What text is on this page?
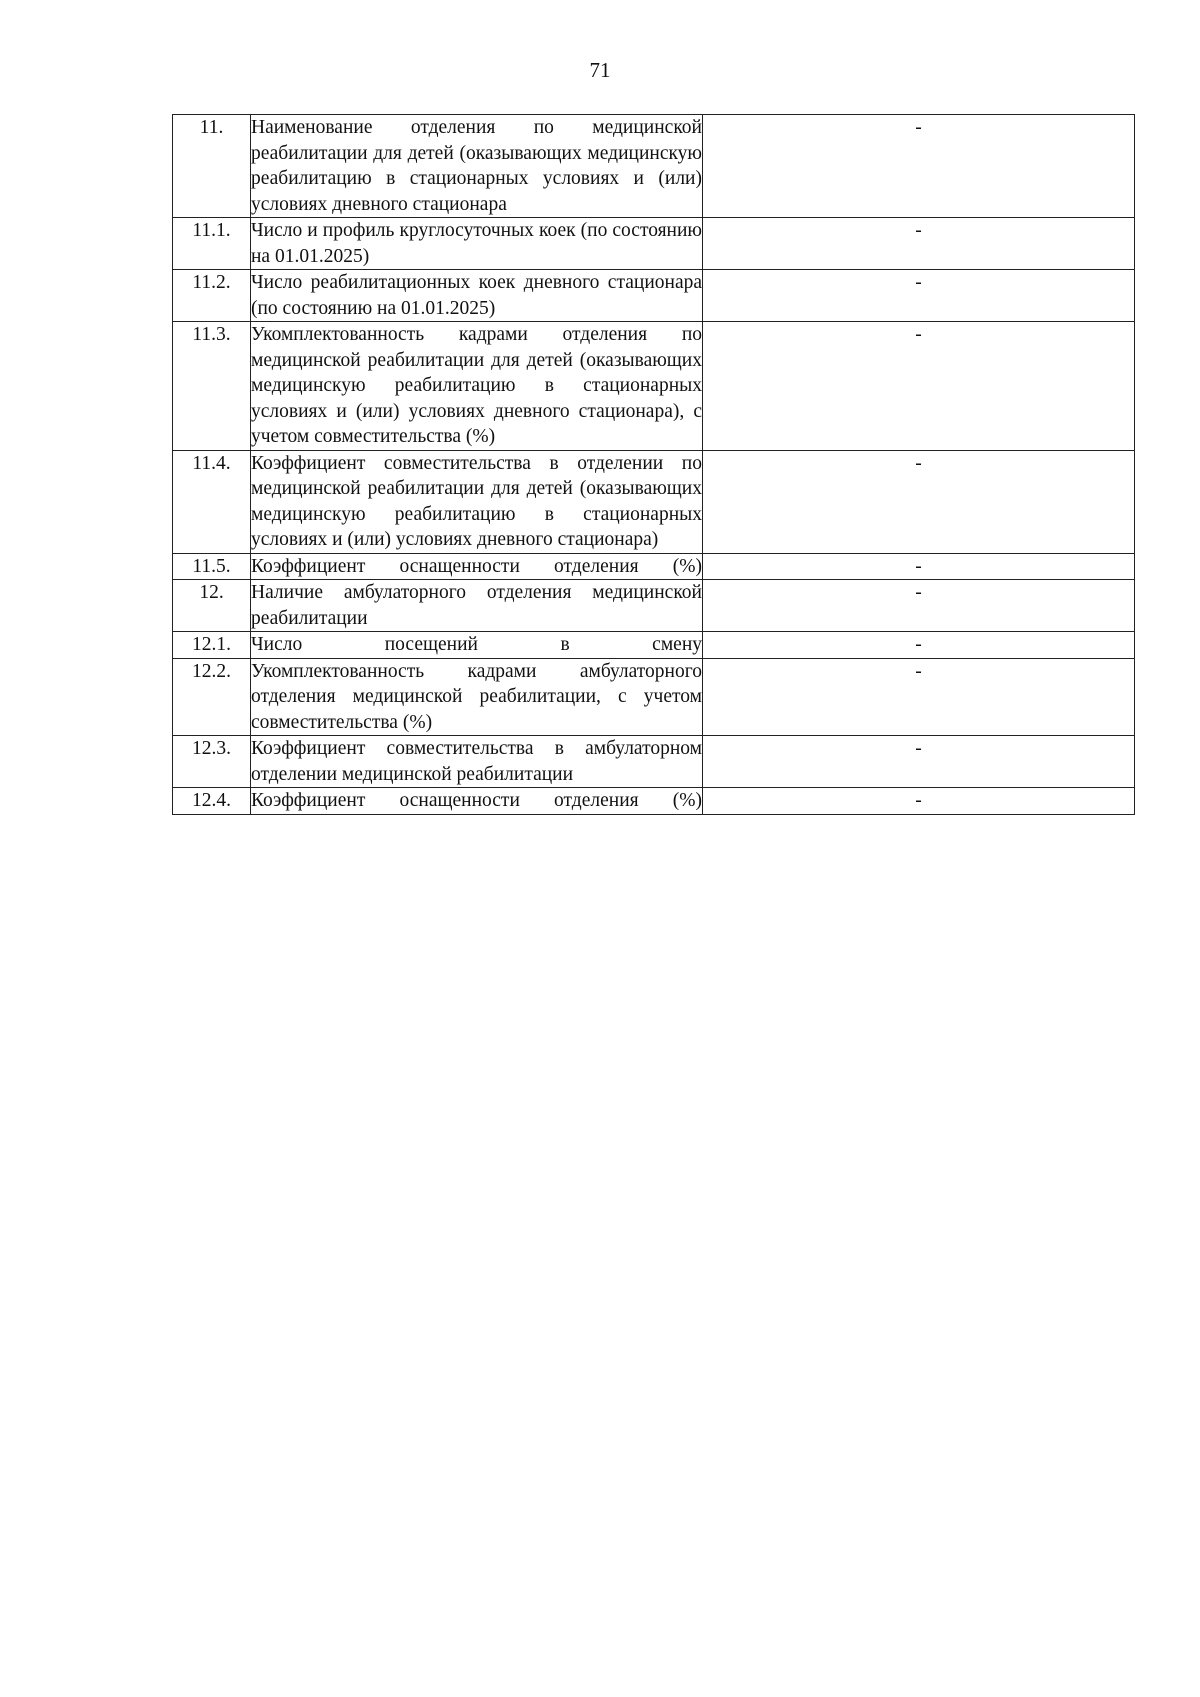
71
11.	Наименование отделения по медицинской реабилитации для детей (оказывающих медицинскую реабилитацию в стационарных условиях и (или) условиях дневного стационара	-
11.1.	Число и профиль круглосуточных коек (по состоянию на 01.01.2025)	-
11.2.	Число реабилитационных коек дневного стационара (по состоянию на 01.01.2025)	-
11.3.	Укомплектованность кадрами отделения по медицинской реабилитации для детей (оказывающих медицинскую реабилитацию в стационарных условиях и (или) условиях дневного стационара), с учетом совместительства (%)	-
11.4.	Коэффициент совместительства в отделении по медицинской реабилитации для детей (оказывающих медицинскую реабилитацию в стационарных условиях и (или) условиях дневного стационара)	-
11.5.	Коэффициент оснащенности отделения (%)	-
12.	Наличие амбулаторного отделения медицинской реабилитации	-
12.1.	Число посещений в смену	-
12.2.	Укомплектованность кадрами амбулаторного отделения медицинской реабилитации, с учетом совместительства (%)	-
12.3.	Коэффициент совместительства в амбулаторном отделении медицинской реабилитации	-
12.4.	Коэффициент оснащенности отделения (%)	-
